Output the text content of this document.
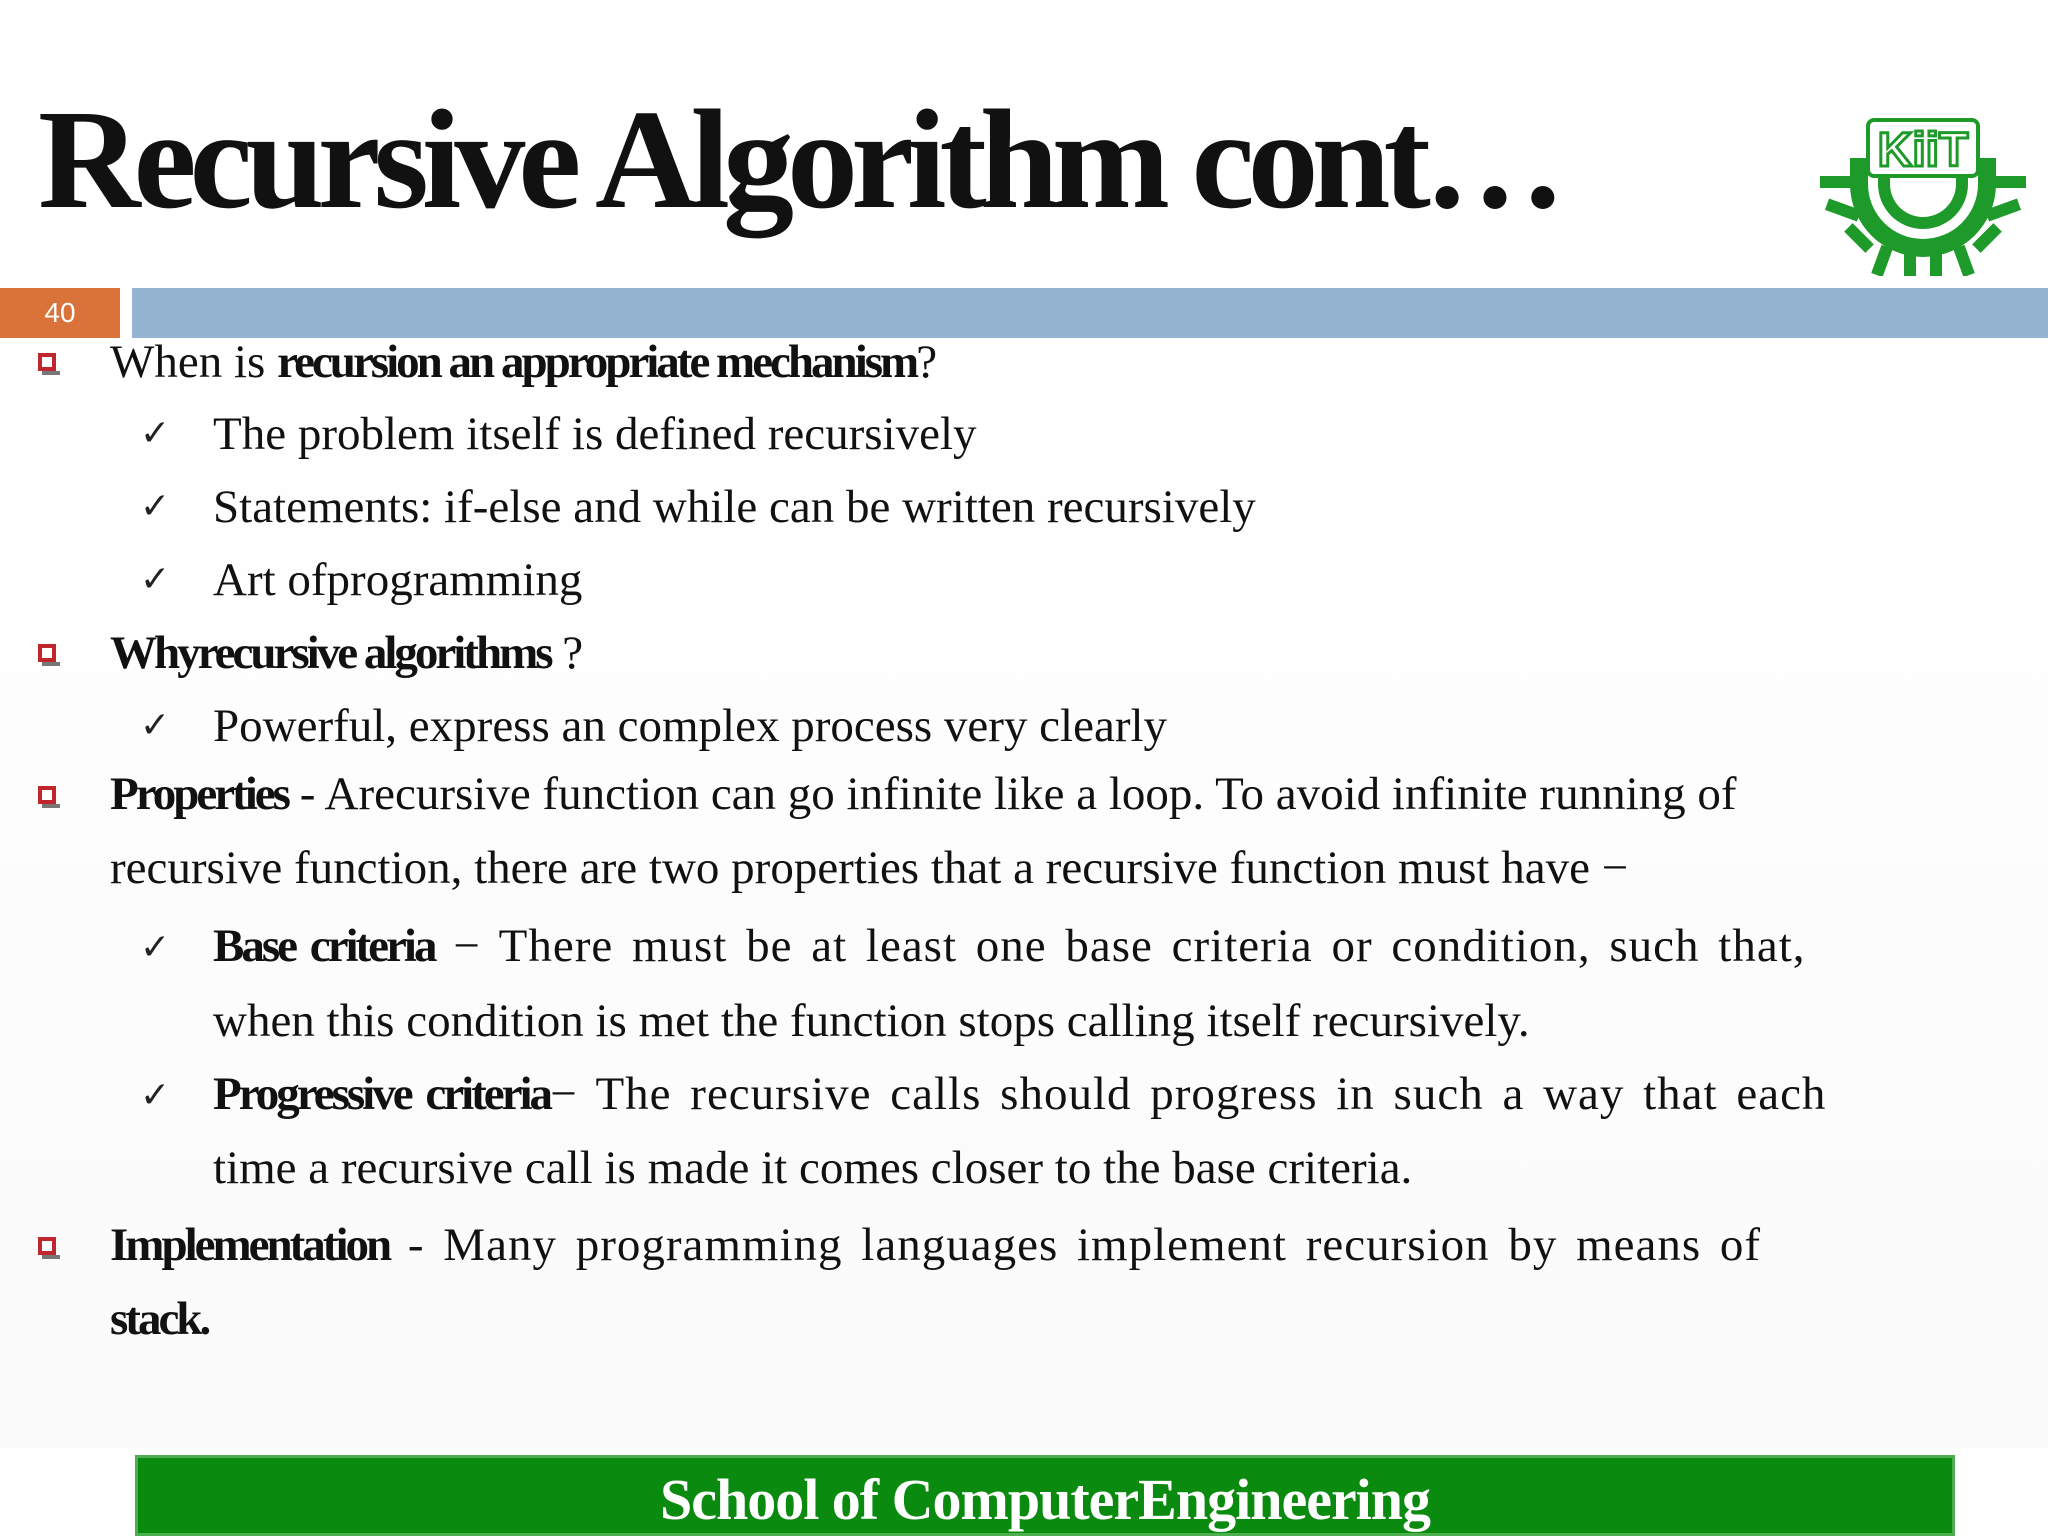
Recursive Algorithm cont…	KiiT
40
When is recursion an appropriate mechanism?
✓ The problem itself is defined recursively
✓ Statements: if-else and while can be written recursively
✓ Art ofprogramming
Whyrecursive algorithms ?
✓ Powerful, express an complex process very clearly
Properties - Arecursive function can go infinite like a loop. To avoid infinite running of
recursive function, there are two properties that a recursive function must have −
✓ Base criteria − There must be at least one base criteria or condition, such that,
when this condition is met the function stops calling itself recursively.
✓ Progressive criteria− The recursive calls should progress in such a way that each
time a recursive call is made it comes closer to the base criteria.
Implementation - Many programming languages implement recursion by means of
stack.
School of ComputerEngineering
